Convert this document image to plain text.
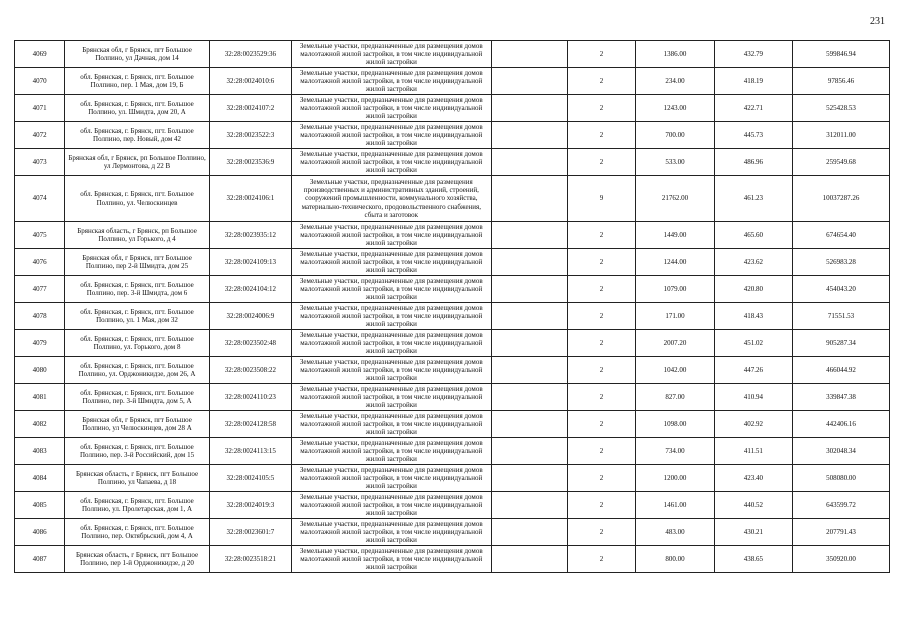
231
4069	Брянская обл, г Брянск, пгт Большое Полпино, ул Дачная, дом 14	32:28:0023529:36	Земельные участки, предназначенные для размещения домов малоэтажной жилой застройки, в том числе индивидуальной жилой застройки		2	1386.00	432.79	599846.94
4070	обл. Брянская, г. Брянск, пгт. Большое Полпино, пер. 1 Мая, дом 19, Б	32:28:0024010:6	Земельные участки, предназначенные для размещения домов малоэтажной жилой застройки, в том числе индивидуальной жилой застройки		2	234.00	418.19	97856.46
4071	обл. Брянская, г. Брянск, пгт. Большое Полпино, ул. Шмидта, дом 20, А	32:28:0024107:2	Земельные участки, предназначенные для размещения домов малоэтажной жилой застройки, в том числе индивидуальной жилой застройки		2	1243.00	422.71	525428.53
4072	обл. Брянская, г. Брянск, пгт. Большое Полпино, пер. Новый, дом 42	32:28:0023522:3	Земельные участки, предназначенные для размещения домов малоэтажной жилой застройки, в том числе индивидуальной жилой застройки		2	700.00	445.73	312011.00
4073	Брянская обл, г Брянск, рп Большое Полпино, ул Лермонтова, д 22 В	32:28:0023536:9	Земельные участки, предназначенные для размещения домов малоэтажной жилой застройки, в том числе индивидуальной жилой застройки		2	533.00	486.96	259549.68
4074	обл. Брянская, г. Брянск, пгт. Большое Полпино, ул. Челюскинцев	32:28:0024106:1	Земельные участки, предназначенные для размещения производственных и административных зданий, строений, сооружений промышленности, коммунального хозяйства, материально-технического, продовольственного снабжения, сбыта и заготовок		9	21762.00	461.23	10037287.26
4075	Брянская область, г Брянск, рп Большое Полпино, ул Горького, д 4	32:28:0023935:12	Земельные участки, предназначенные для размещения домов малоэтажной жилой застройки, в том числе индивидуальной жилой застройки		2	1449.00	465.60	674654.40
4076	Брянская обл, г Брянск, пгт Большое Полпино, пер 2-й Шмидта, дом 25	32:28:0024109:13	Земельные участки, предназначенные для размещения домов малоэтажной жилой застройки, в том числе индивидуальной жилой застройки		2	1244.00	423.62	526983.28
4077	обл. Брянская, г. Брянск, пгт. Большое Полпино, пер. 3-й Шмидта, дом 6	32:28:0024104:12	Земельные участки, предназначенные для размещения домов малоэтажной жилой застройки, в том числе индивидуальной жилой застройки		2	1079.00	420.80	454043.20
4078	обл. Брянская, г. Брянск, пгт. Большое Полпино, ул. 1 Мая, дом 32	32:28:0024006:9	Земельные участки, предназначенные для размещения домов малоэтажной жилой застройки, в том числе индивидуальной жилой застройки		2	171.00	418.43	71551.53
4079	обл. Брянская, г. Брянск, пгт. Большое Полпино, ул. Горького, дом 8	32:28:0023502:48	Земельные участки, предназначенные для размещения домов малоэтажной жилой застройки, в том числе индивидуальной жилой застройки		2	2007.20	451.02	905287.34
4080	обл. Брянская, г. Брянск, пгт. Большое Полпино, ул. Орджоникидзе, дом 26, А	32:28:0023508:22	Земельные участки, предназначенные для размещения домов малоэтажной жилой застройки, в том числе индивидуальной жилой застройки		2	1042.00	447.26	466044.92
4081	обл. Брянская, г. Брянск, пгт. Большое Полпино, пер. 3-й Шмидта, дом 5, А	32:28:0024110:23	Земельные участки, предназначенные для размещения домов малоэтажной жилой застройки, в том числе индивидуальной жилой застройки		2	827.00	410.94	339847.38
4082	Брянская обл, г Брянск, пгт Большое Полпино, ул Челюскинцев, дом 28 А	32:28:0024128:58	Земельные участки, предназначенные для размещения домов малоэтажной жилой застройки, в том числе индивидуальной жилой застройки		2	1098.00	402.92	442406.16
4083	обл. Брянская, г. Брянск, пгт. Большое Полпино, пер. 3-й Российский, дом 15	32:28:0024113:15	Земельные участки, предназначенные для размещения домов малоэтажной жилой застройки, в том числе индивидуальной жилой застройки		2	734.00	411.51	302048.34
4084	Брянская область, г Брянск, пгт Большое Полпино, ул Чапаева, д 18	32:28:0024105:5	Земельные участки, предназначенные для размещения домов малоэтажной жилой застройки, в том числе индивидуальной жилой застройки		2	1200.00	423.40	508080.00
4085	обл. Брянская, г. Брянск, пгт. Большое Полпино, ул. Пролетарская, дом 1, А	32:28:0024019:3	Земельные участки, предназначенные для размещения домов малоэтажной жилой застройки, в том числе индивидуальной жилой застройки		2	1461.00	440.52	643599.72
4086	обл. Брянская, г. Брянск, пгт. Большое Полпино, пер. Октябрьский, дом 4, А	32:28:0023601:7	Земельные участки, предназначенные для размещения домов малоэтажной жилой застройки, в том числе индивидуальной жилой застройки		2	483.00	430.21	207791.43
4087	Брянская область, г Брянск, пгт Большое Полпино, пер 1-й Орджоникидзе, д 20	32:28:0023518:21	Земельные участки, предназначенные для размещения домов малоэтажной жилой застройки, в том числе индивидуальной жилой застройки		2	800.00	438.65	350920.00
